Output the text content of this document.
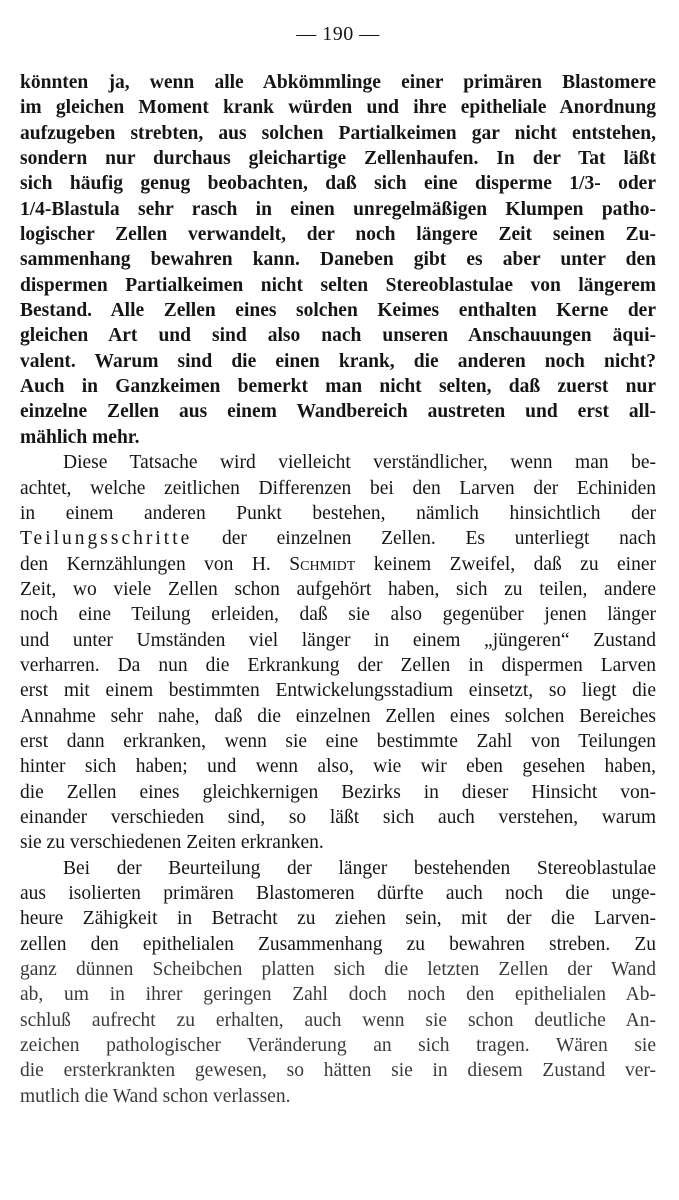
— 190 —
könnten ja, wenn alle Abkömmlinge einer primären Blastomere
im gleichen Moment krank würden und ihre epitheliale Anordnung
aufzugeben strebten, aus solchen Partialkeimen gar nicht entstehen,
sondern nur durchaus gleichartige Zellenhaufen. In der Tat läßt
sich häufig genug beobachten, daß sich eine disperme 1/3- oder
1/4-Blastula sehr rasch in einen unregelmäßigen Klumpen patho-
logischer Zellen verwandelt, der noch längere Zeit seinen Zu-
sammenhang bewahren kann. Daneben gibt es aber unter den
dispermen Partialkeimen nicht selten Stereoblastulae von längerem
Bestand. Alle Zellen eines solchen Keimes enthalten Kerne der
gleichen Art und sind also nach unseren Anschauungen äqui-
valent. Warum sind die einen krank, die anderen noch nicht?
Auch in Ganzkeimen bemerkt man nicht selten, daß zuerst nur
einzelne Zellen aus einem Wandbereich austreten und erst all-
mählich mehr.
Diese Tatsache wird vielleicht verständlicher, wenn man be-
achtet, welche zeitlichen Differenzen bei den Larven der Echiniden
in einem anderen Punkt bestehen, nämlich hinsichtlich der
Teilungsschritte der einzelnen Zellen. Es unterliegt nach
den Kernzählungen von H. Schmidt keinem Zweifel, daß zu einer
Zeit, wo viele Zellen schon aufgehört haben, sich zu teilen, andere
noch eine Teilung erleiden, daß sie also gegenüber jenen länger
und unter Umständen viel länger in einem „jüngeren“ Zustand
verharren. Da nun die Erkrankung der Zellen in dispermen Larven
erst mit einem bestimmten Entwickelungsstadium einsetzt, so liegt die
Annahme sehr nahe, daß die einzelnen Zellen eines solchen Bereiches
erst dann erkranken, wenn sie eine bestimmte Zahl von Teilungen
hinter sich haben; und wenn also, wie wir eben gesehen haben,
die Zellen eines gleichkernigen Bezirks in dieser Hinsicht von-
einander verschieden sind, so läßt sich auch verstehen, warum
sie zu verschiedenen Zeiten erkranken.
Bei der Beurteilung der länger bestehenden Stereoblastulae
aus isolierten primären Blastomeren dürfte auch noch die unge-
heure Zähigkeit in Betracht zu ziehen sein, mit der die Larven-
zellen den epithelialen Zusammenhang zu bewahren streben. Zu
ganz dünnen Scheibchen platten sich die letzten Zellen der Wand
ab, um in ihrer geringen Zahl doch noch den epithelialen Ab-
schluß aufrecht zu erhalten, auch wenn sie schon deutliche An-
zeichen pathologischer Veränderung an sich tragen. Wären sie
die ersterkrankten gewesen, so hätten sie in diesem Zustand ver-
mutlich die Wand schon verlassen.
